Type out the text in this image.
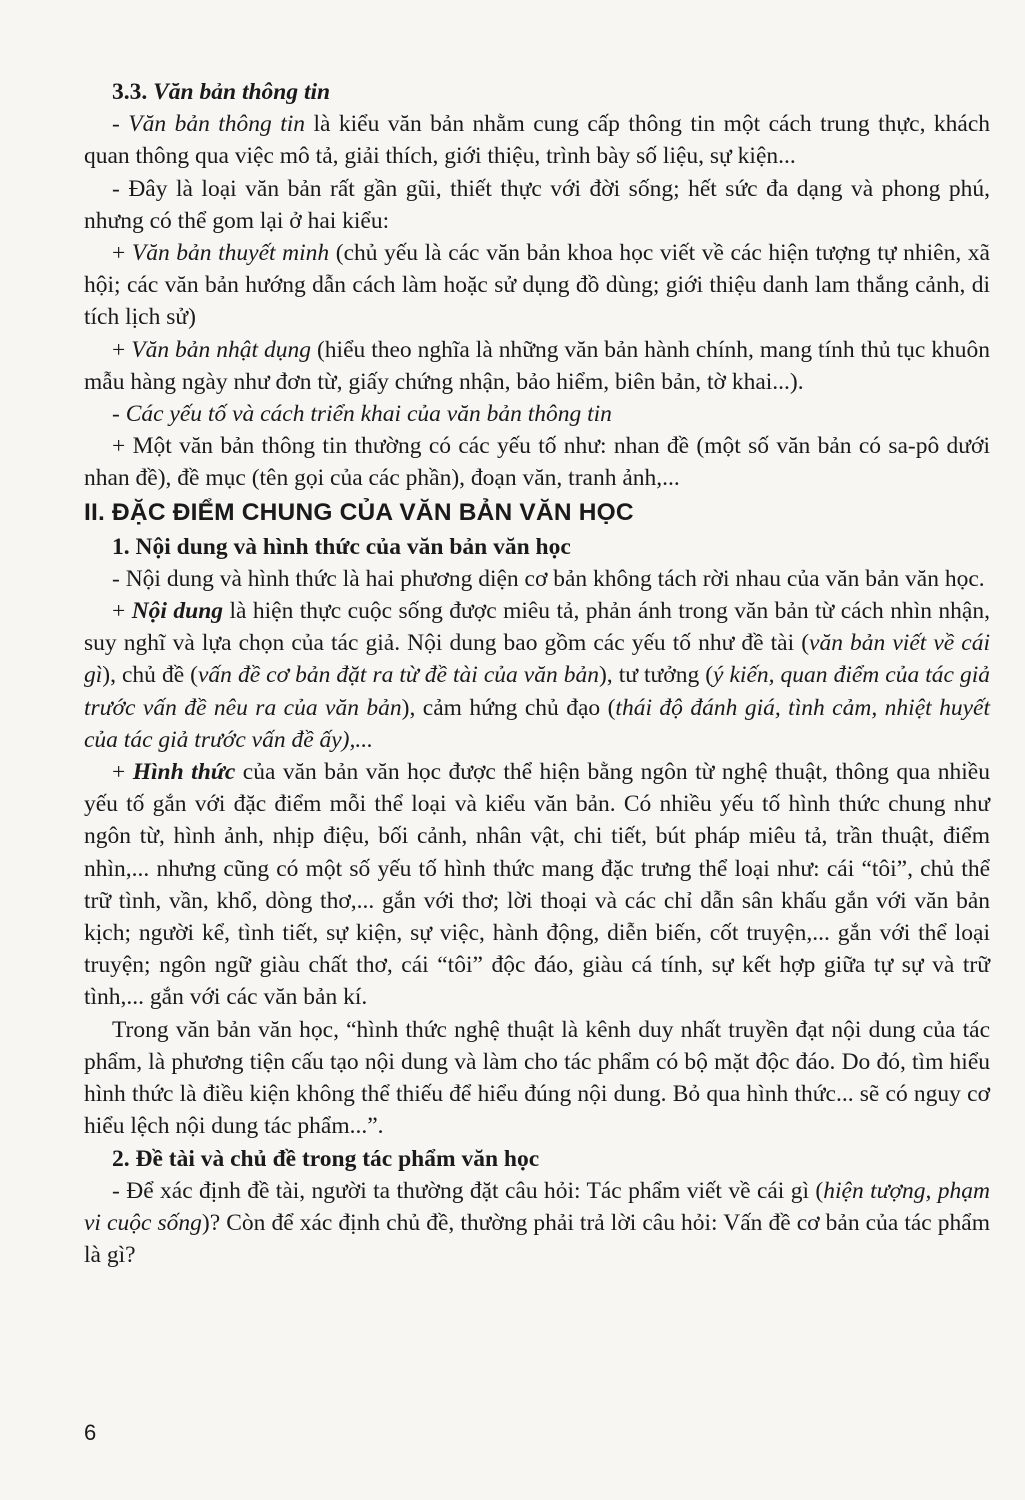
3.3. Văn bản thông tin

- Văn bản thông tin là kiểu văn bản nhằm cung cấp thông tin một cách trung thực, khách quan thông qua việc mô tả, giải thích, giới thiệu, trình bày số liệu, sự kiện...

- Đây là loại văn bản rất gần gũi, thiết thực với đời sống; hết sức đa dạng và phong phú, nhưng có thể gom lại ở hai kiểu:

+ Văn bản thuyết minh (chủ yếu là các văn bản khoa học viết về các hiện tượng tự nhiên, xã hội; các văn bản hướng dẫn cách làm hoặc sử dụng đồ dùng; giới thiệu danh lam thắng cảnh, di tích lịch sử)

+ Văn bản nhật dụng (hiểu theo nghĩa là những văn bản hành chính, mang tính thủ tục khuôn mẫu hàng ngày như đơn từ, giấy chứng nhận, bảo hiểm, biên bản, tờ khai...).

- Các yếu tố và cách triển khai của văn bản thông tin

+ Một văn bản thông tin thường có các yếu tố như: nhan đề (một số văn bản có sa-pô dưới nhan đề), đề mục (tên gọi của các phần), đoạn văn, tranh ảnh,...

II. ĐẶC ĐIỂM CHUNG CỦA VĂN BẢN VĂN HỌC

1. Nội dung và hình thức của văn bản văn học

- Nội dung và hình thức là hai phương diện cơ bản không tách rời nhau của văn bản văn học.

+ Nội dung là hiện thực cuộc sống được miêu tả, phản ánh trong văn bản từ cách nhìn nhận, suy nghĩ và lựa chọn của tác giả. Nội dung bao gồm các yếu tố như đề tài (văn bản viết về cái gì), chủ đề (vấn đề cơ bản đặt ra từ đề tài của văn bản), tư tưởng (ý kiến, quan điểm của tác giả trước vấn đề nêu ra của văn bản), cảm hứng chủ đạo (thái độ đánh giá, tình cảm, nhiệt huyết của tác giả trước vấn đề ấy),...

+ Hình thức của văn bản văn học được thể hiện bằng ngôn từ nghệ thuật, thông qua nhiều yếu tố gắn với đặc điểm mỗi thể loại và kiểu văn bản. Có nhiều yếu tố hình thức chung như ngôn từ, hình ảnh, nhịp điệu, bối cảnh, nhân vật, chi tiết, bút pháp miêu tả, trần thuật, điểm nhìn,... nhưng cũng có một số yếu tố hình thức mang đặc trưng thể loại như: cái “tôi”, chủ thể trữ tình, vần, khổ, dòng thơ,... gắn với thơ; lời thoại và các chỉ dẫn sân khấu gắn với văn bản kịch; người kể, tình tiết, sự kiện, sự việc, hành động, diễn biến, cốt truyện,... gắn với thể loại truyện; ngôn ngữ giàu chất thơ, cái “tôi” độc đáo, giàu cá tính, sự kết hợp giữa tự sự và trữ tình,... gắn với các văn bản kí.

Trong văn bản văn học, “hình thức nghệ thuật là kênh duy nhất truyền đạt nội dung của tác phẩm, là phương tiện cấu tạo nội dung và làm cho tác phẩm có bộ mặt độc đáo. Do đó, tìm hiểu hình thức là điều kiện không thể thiếu để hiểu đúng nội dung. Bỏ qua hình thức... sẽ có nguy cơ hiểu lệch nội dung tác phẩm...”.

2. Đề tài và chủ đề trong tác phẩm văn học

- Để xác định đề tài, người ta thường đặt câu hỏi: Tác phẩm viết về cái gì (hiện tượng, phạm vi cuộc sống)? Còn để xác định chủ đề, thường phải trả lời câu hỏi: Vấn đề cơ bản của tác phẩm là gì?

6
